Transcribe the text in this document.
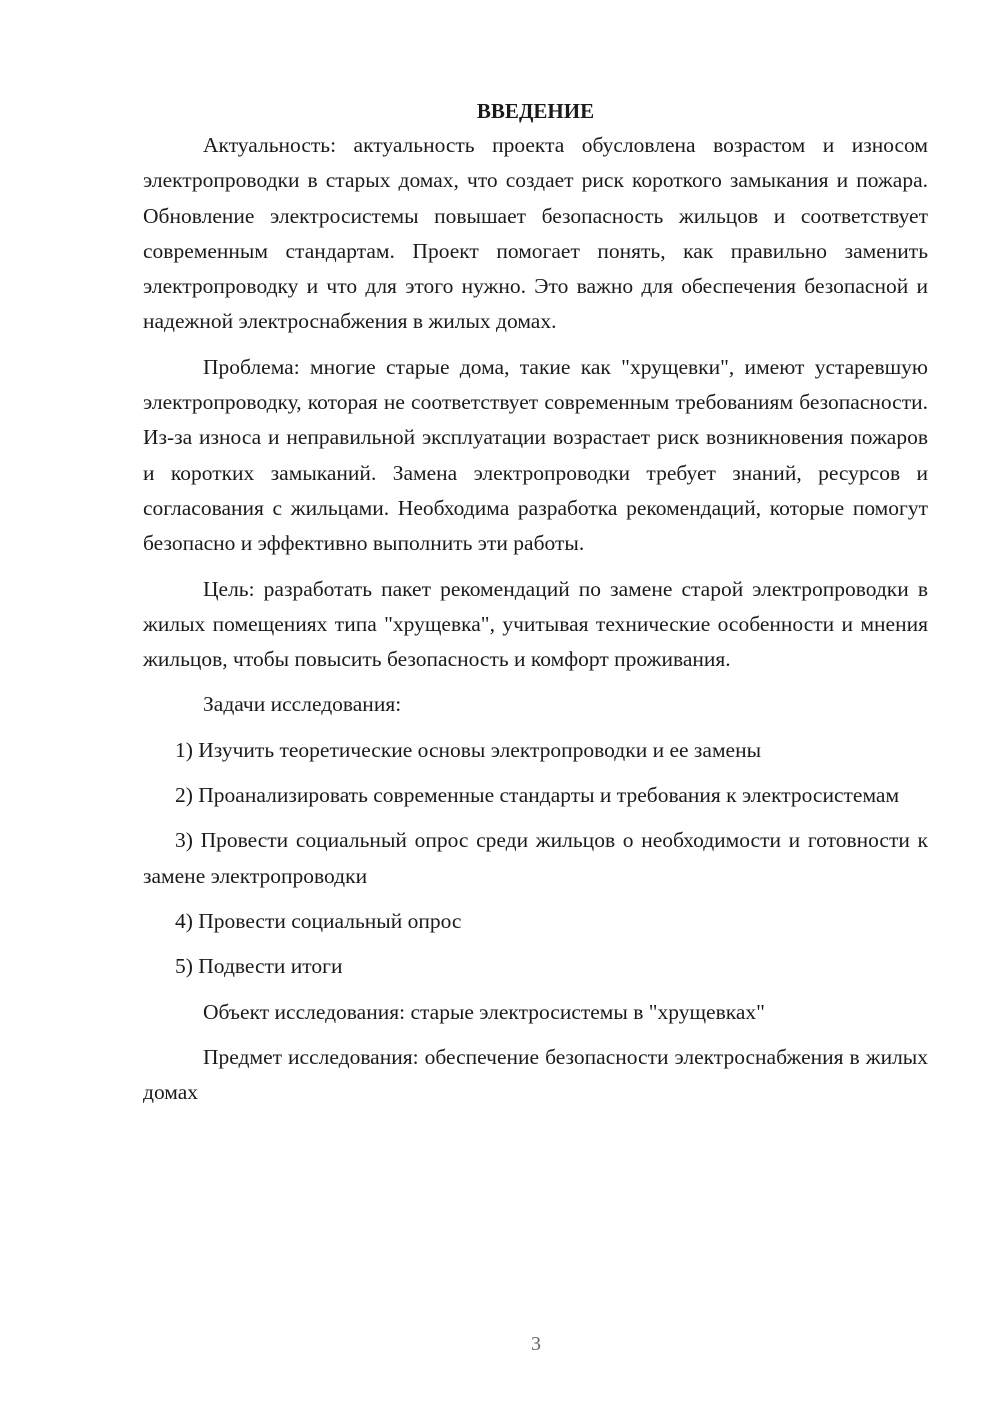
ВВЕДЕНИЕ

Актуальность: актуальность проекта обусловлена возрастом и износом электропроводки в старых домах, что создает риск короткого замыкания и пожара. Обновление электросистемы повышает безопасность жильцов и соответствует современным стандартам. Проект помогает понять, как правильно заменить электропроводку и что для этого нужно. Это важно для обеспечения безопасной и надежной электроснабжения в жилых домах.

Проблема: многие старые дома, такие как "хрущевки", имеют устаревшую электропроводку, которая не соответствует современным требованиям безопасности. Из-за износа и неправильной эксплуатации возрастает риск возникновения пожаров и коротких замыканий. Замена электропроводки требует знаний, ресурсов и согласования с жильцами. Необходима разработка рекомендаций, которые помогут безопасно и эффективно выполнить эти работы.

Цель: разработать пакет рекомендаций по замене старой электропроводки в жилых помещениях типа "хрущевка", учитывая технические особенности и мнения жильцов, чтобы повысить безопасность и комфорт проживания.

Задачи исследования:

1) Изучить теоретические основы электропроводки и ее замены

2) Проанализировать современные стандарты и требования к электросистемам

3) Провести социальный опрос среди жильцов о необходимости и готовности к замене электропроводки

4) Провести социальный опрос

5) Подвести итоги

Объект исследования: старые электросистемы в "хрущевках"

Предмет исследования: обеспечение безопасности электроснабжения в жилых домах

3
